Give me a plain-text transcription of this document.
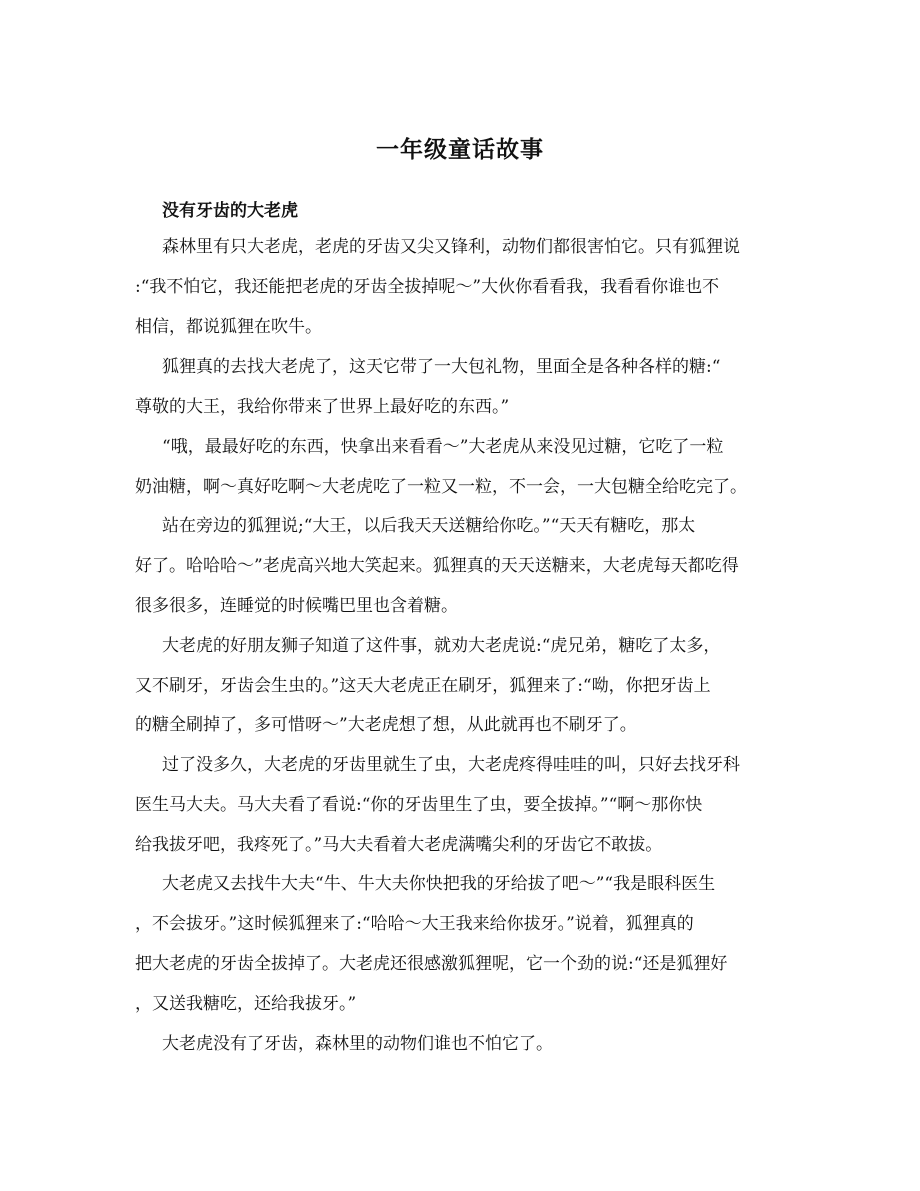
一年级童话故事
没有牙齿的大老虎
森林里有只大老虎，老虎的牙齿又尖又锋利，动物们都很害怕它。只有狐狸说
:“我不怕它，我还能把老虎的牙齿全拔掉呢～”大伙你看看我，我看看你谁也不
相信，都说狐狸在吹牛。
狐狸真的去找大老虎了，这天它带了一大包礼物，里面全是各种各样的糖:“
尊敬的大王，我给你带来了世界上最好吃的东西。”
“哦，最最好吃的东西，快拿出来看看～”大老虎从来没见过糖，它吃了一粒
奶油糖，啊～真好吃啊～大老虎吃了一粒又一粒，不一会，一大包糖全给吃完了。
站在旁边的狐狸说;“大王，以后我天天送糖给你吃。”“天天有糖吃，那太
好了。哈哈哈～”老虎高兴地大笑起来。狐狸真的天天送糖来，大老虎每天都吃得
很多很多，连睡觉的时候嘴巴里也含着糖。
大老虎的好朋友狮子知道了这件事，就劝大老虎说:“虎兄弟，糖吃了太多，
又不刷牙，牙齿会生虫的。”这天大老虎正在刷牙，狐狸来了:“呦，你把牙齿上
的糖全刷掉了，多可惜呀～”大老虎想了想，从此就再也不刷牙了。
过了没多久，大老虎的牙齿里就生了虫，大老虎疼得哇哇的叫，只好去找牙科
医生马大夫。马大夫看了看说:“你的牙齿里生了虫，要全拔掉。”“啊～那你快
给我拔牙吧，我疼死了。”马大夫看着大老虎满嘴尖利的牙齿它不敢拔。
大老虎又去找牛大夫“牛、牛大夫你快把我的牙给拔了吧～”“我是眼科医生
，不会拔牙。”这时候狐狸来了:“哈哈～大王我来给你拔牙。”说着，狐狸真的
把大老虎的牙齿全拔掉了。大老虎还很感激狐狸呢，它一个劲的说:“还是狐狸好
，又送我糖吃，还给我拔牙。”
大老虎没有了牙齿，森林里的动物们谁也不怕它了。
